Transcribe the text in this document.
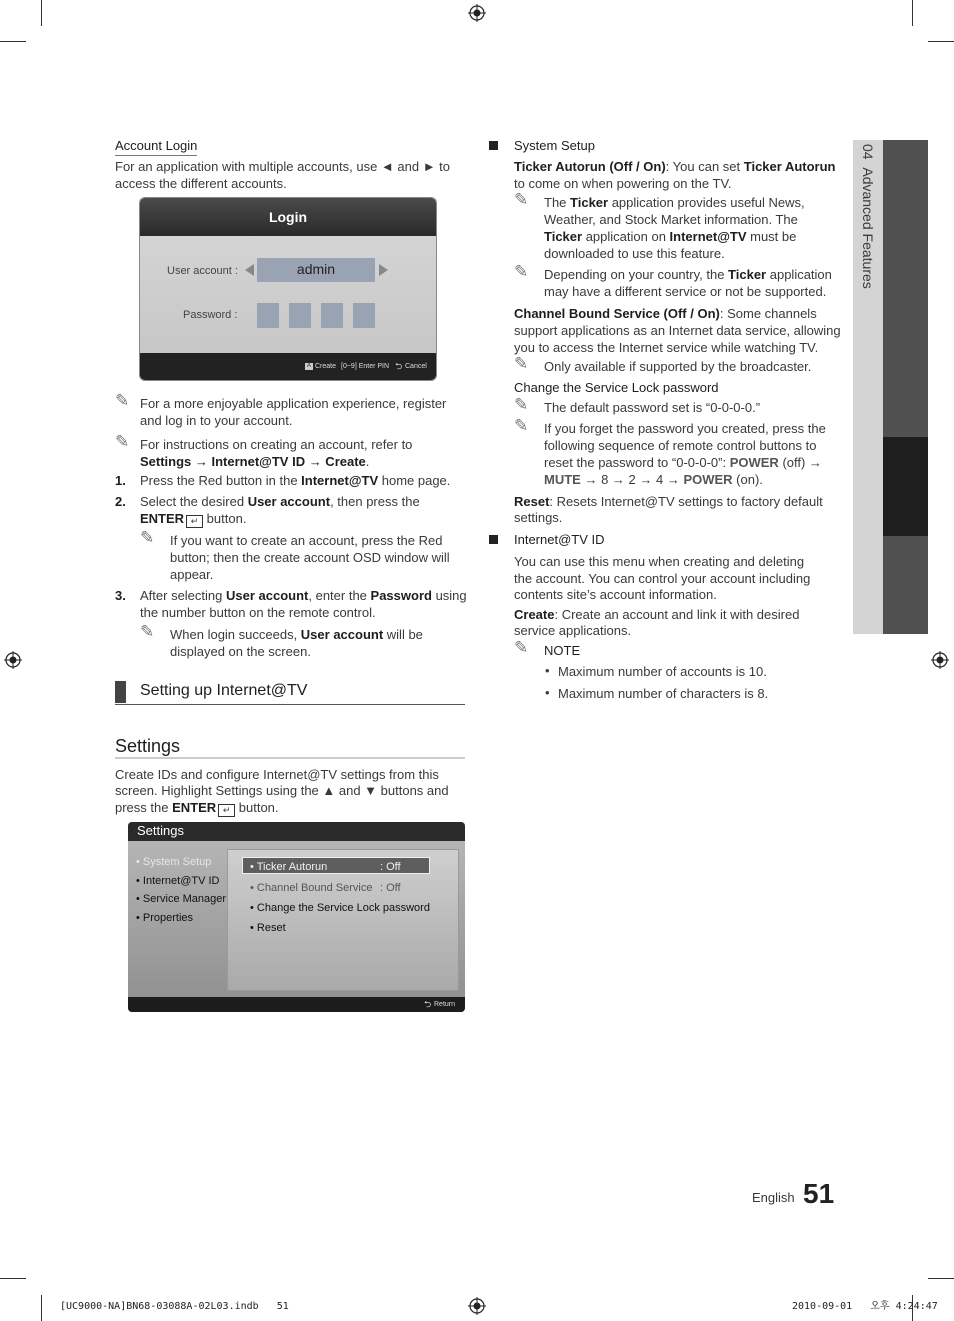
Account Login
For an application with multiple accounts, use ◄ and ► to
access the different accounts.
Login
User account :	admin
Password :
A Create [0~9] Enter PIN ⮌ Cancel
✎ For a more enjoyable application experience, register
and log in to your account.
✎ For instructions on creating an account, refer to
Settings → Internet@TV ID → Create.
1. Press the Red button in the Internet@TV home page.
2. Select the desired User account, then press the
ENTER ↵ button.
✎ If you want to create an account, press the Red
button; then the create account OSD window will
appear.
3. After selecting User account, enter the Password using
the number button on the remote control.
✎ When login succeeds, User account will be
displayed on the screen.
Setting up Internet@TV
Settings
Create IDs and configure Internet@TV settings from this
screen. Highlight Settings using the ▲ and ▼ buttons and
press the ENTER ↵ button.
Settings
⮌ Return
• System Setup
• Internet@TV ID
• Service Manager
• Properties
• Ticker Autorun	: Off
• Channel Bound Service : Off
• Change the Service Lock password
• Reset
System Setup
Ticker Autorun (Off / On): You can set Ticker Autorun
to come on when powering on the TV.
✎ The Ticker application provides useful News,
Weather, and Stock Market information. The
Ticker application on Internet@TV must be
downloaded to use this feature.
✎ Depending on your country, the Ticker application
may have a different service or not be supported.
Channel Bound Service (Off / On): Some channels
support applications as an Internet data service, allowing
you to access the Internet service while watching TV.
✎ Only available if supported by the broadcaster.
Change the Service Lock password
✎ The default password set is “0-0-0-0.”
✎ If you forget the password you created, press the
following sequence of remote control buttons to
reset the password to “0-0-0-0”: POWER (off) →
MUTE → 8 → 2 → 4 → POWER (on).
Reset: Resets Internet@TV settings to factory default
settings.
Internet@TV ID
You can use this menu when creating and deleting
the account. You can control your account including
contents site’s account information.
Create: Create an account and link it with desired
service applications.
✎ NOTE
• Maximum number of accounts is 10.
• Maximum number of characters is 8.
04  Advanced Features
English 51
[UC9000-NA]BN68-03088A-02L03.indb   51	2010-09-01   오후 4:24:47
